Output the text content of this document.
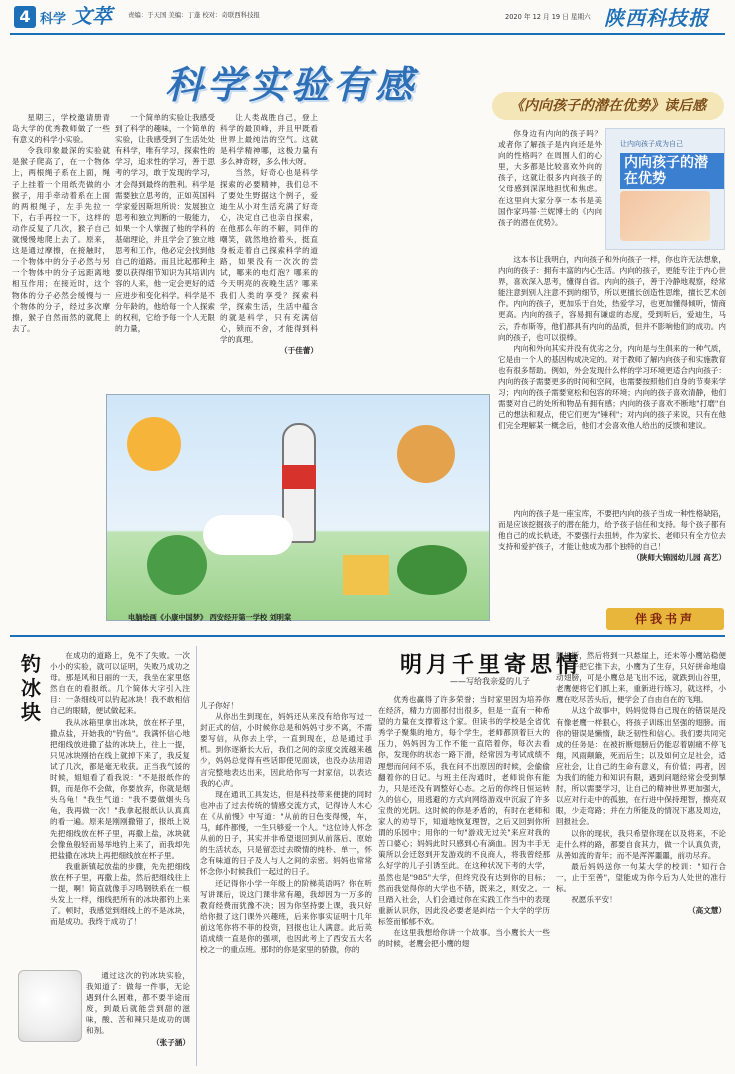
4 科学 文萃	责编：于天国 美编：丁蓬 校对：奇联西科技报	2020 年 12 月 19 日 星期六 陕西科技报
科学实验有感

星期三，学校邀请册青岛大学的优秀教师做了一些有意义的科学小实验。

令我印象最深的实验就是猴子爬高了，在一个物体上，两根绳子系在上面，绳子上挂着一个用纸壳做的小猴子，用手牵动着系在上面的两根绳子，左手先拉一下，右手再拉一下，这样的动作反复了几次，猴子自己就慢慢地爬上去了。原来，这是通过摩擦，在接触时，一个物体中的分子必然与另一个物体中的分子远距离地相互作用；在接近时，这个物体的分子必然会缓慢与一个物体的分子，经过多次摩擦，猴子自然而然的就爬上去了。

一个简单的实验让我感受到了科学的趣味，一个简单的实验，让我感受到了生活处处有科学，唯有学习，探索性的学习，追求性的学习，善于思考的学习，敢于发现的学习，才会得到最终的胜利。科学是需要独立思考的，正如英国科学家爱因斯坦所说：发展独立思考和独立判断的一般能力，如果一个人掌握了他的学科的基础理论，并且学会了独立地思考和工作，他必定会找到他自己的道路。而且比起那种主要以获得细节知识为其培训内容的人来，他一定会更好的适应进步和变化科学。科学是不分年龄的，他给每一个人探索的权利，它给予每一个人无限的力量，

让人类战胜自己，登上科学的最顶峰，并且甲既看世界上最纯洁的空气。这就是科学精神哪，这极力量有多么神奇呀，多么伟大呀。

当然，好奇心也是科学探索的必要精神，我们总不了要处生野据这个例子，爱迪生从小对生活充满了好奇心，决定自己也亲自探索，在他那么年的不解，同伴的嘲笑，就然地拾着头，挺直身板走着自己探索科学的道路，如果没有一次次的尝试，哪来的电灯泡？哪来的今天明亮的夜晚生活？哪来我们人类的享受？探索科学，探索生活，生活中蕴含的就是科学，只有充满信心，锁而不舍，才能得到科学的真理。

（于佳蕾）

《内向孩子的潜在优势》读后感
让内向孩子成为自己
内向孩子的潜在优势

你身边有内向的孩子吗？或者你了解孩子是内向还是外向的性格吗？在周围人们的心里，大多都是比较喜欢外向的孩子，这就让很多内向孩子的父母感到深深地担忧和焦虑。在这里向大家分享一本书是美国作家玛蒂·兰妮博士的《内向孩子的潜在优势》。

这本书让我明白，内向孩子和外向孩子一样，你也许无法想象，内向的孩子：拥有丰富的内心生活。内向的孩子，更能专注于内心世界，喜欢深入思考，懂得自省。内向的孩子，善于冷静地观察，经常能注意到别人注意不到的细节，所以更擅长创造性思维，擅长艺术创作。内向的孩子，更加乐于自处，热爱学习，也更加懂得倾听，情商更高。内向的孩子，容易拥有谦虚的态度，受到听后，爱迪生，马云，乔布斯等，他们都具有内向的品质，但并不影响他们的成功。内向的孩子，也可以很棒。

内向和外向其实并没有优劣之分，内向是与生俱来的一种气质，它是由一个人的基因构成决定的。对于教师了解内向孩子和实施教育也有很多帮助。例如，外会发现什么样的学习环境更适合内向孩子：内向的孩子需要更多的时间和空间，也需要按照他们自身的节奏来学习；内向的孩子需要宽松和包容的环境；内向的孩子喜欢清静，他们需要对自己的处所和物品有拥有感；内向的孩子喜欢不断地"打磨"自己的想法和观点，使它们更为"锤利"；对内向的孩子来说，只有在他们完全理解某一概念后，他们才会喜欢他人给出的反馈和建议。

内向的孩子是一座宝库，不要把内向的孩子当成一种性格缺陷，而是应该挖掘孩子的潜在能力，给予孩子信任和支持。每个孩子都有他自己的成长轨迹，不要强行去扭转，作为家长、老师只有全方位去支持和爱护孩子，才能让他成为那个独特的自己！

（陕师大锦园幼儿园 高艺）

伴我书声
电脑绘画《小康中国梦》 西安经开第一学校 刘明棠
钓冰块

在成功的道路上，免不了失败。一次小小的实验，就可以证明，失败乃成功之母。那是风和日丽的一天，我坐在家里悠然自在的看报纸。几个简体大字引入注目：一条细线可以钓起冰块！我不敢相信自己的眼睛，便试做起来。

我从冰箱里拿出冰块，放在杯子里，撒点盐，开始我的"钓鱼"。我满怀信心地把细线放进撒了盐的冰块上，往上一提，只见冰块刚抬在线上就掉下来了，我反复试了几次，都是毫无收获。正当我气馁的时候，姐姐看了看我说："不是报纸作的假，而是你不会做，你要放弃，你就是烟头乌龟！"我生气道："我不要做烟头乌龟，我再做一次！"我拿起报纸认认真真的看一遍。原来是刚刚撒错了，报纸上说先把细线放在杯子里，再撒上盐，冰块就会像鱼般轻而易举地钓上来了，而我却先把盐撒在冰块上再把细线放在杯子里。

我重新镇起放盐的步骤，先先把细线放在杯子里，再撒上盐，然后把细线往上一提，啊！简直就像手习鸣钢铁系在一根头发上一样，细线把所有的冰块都钓上来了。顿时，我感觉到细线上的不是冰块，而是成功。我终于成功了！

通过这次的钓冰块实验，我知道了：做每一件事，无论遇到什么困难，都不要半途而废，到最后就能尝到甜的滋味，酸、苦和辣只是成功的调和剂。

（张子涵）

明月千里寄思情
——写给我亲爱的儿子

儿子你好！

从你出生到现在，妈妈还从来没有给你写过一封正式的信，小时候你总是和妈妈寸步不离，不需要写信，从你去上学，一直到现在，总是通过手机。到你逐渐长大后，我们之间的亲度交流越来越少，妈妈总觉得有些话即使见面谈，也没办法用语言完整地表达出来，因此给你写一封家信，以表达我的心声。

现在通讯工具发达，但是科技带来便捷的同时也冲击了过去传统的情感交流方式，记得诗人木心在《从前慢》中写道："从前的日色变得慢，车，马，邮件都慢，一生只够爱一个人。"这位诗人怀念从前的日子，其实并非希望退回到从前落后、原始的生活状态，只是留恋过去睽情的纯朴、单一，怀念有味道的日子及人与人之间的亲密。妈妈也常常怀念你小时候我们一起过的日子。

还记得你小学一年级上的阶梯英语吗？你在听写讲课后，说这门课非常有趣，我却因为一万多的教育经费而犹豫不决；因为你坚持要上课，我只好给你报了这门课外兴趣班，后来你事实证明十几年前这笔你将不菲的投资，回报也让人满意。此后英语成绩一直是你的强项，也因此考上了西安五大名校之一的重点班。那时的你是家里的骄傲，你的

优秀也赢得了许多荣誉；当时家里因为培养你在经济，精力方面都付出很多，但是一直有一种希望的力量在支撑着这个家。但读书的学校是全省优秀学子聚集的地方，每个学生，老师都顶着巨大的压力，妈妈因为工作不能一直陪着你，每次去看你，发现你的状态一路下滑，经常因为考试成绩不理想而问问不乐，我在问不出原因的时候，会偷偷翻着你的日记。与班主任沟通时，老师说你有能力，只是还没有调整好心态。之后的你终日恒运转久的信心，用逃避的方式向网络游戏中沉寂了许多宝贵的光阴。这时候的你是矛盾的，有时在老师和家人的劝导下，知道地恢复理智，之后又回到你所谓的乐园中；用你的一句"游戏无过关"来应对我的苦口婆心；妈妈此时只感到心有滴血。因为丰手无策所以会迁怒到开发游戏的不良商人，将我曾经那么好学的儿子引诱至此。在这种状况下考的大学，虽然也是"985"大学，但终究没有达到你的目标；然而我觉得你的大学也不错，既来之，则安之。一旦踏入社会，人们会通过你在实践工作当中的表现重新认识你，因此没必要老是纠结一个大学的学历标签而郁郁不欢。

在这里我想给你讲一个故事。当小鹰长大一些的时候，老鹰会把小鹰的翅

膀折断，然后将到一只悬崖上，还未等小鹰站稳便一下子把它推下去，小鹰为了生存，只好拼命地扇动翅膀，可是小鹰总是飞出不远，就跌到山谷里，老鹰便将它们抓上来，重新进行练习，就这样，小鹰在吃尽苦头后，便学会了自由自在的飞翔。

从这个故事中，妈妈觉得自己现在的错误是没有像老鹰一样狠心，将孩子训练出坚强的翅膀。而你的错误是懒惰，缺乏韧性和信心。我们要共同完成的任务是：在被折断翅膀后仍能忍着剧痛不停飞翔，风雨颠簸，死而后生；以及如何立足社会，适应社会，让自己的生命有意义，有价值；再者，因为我们的能力和知识有限，遇到问题经常会受到掣肘，所以需要学习，让自己的精神世界更加强大，以应对行走中的孤独，在行进中保持理智，擦亮双眼，少走弯路；并在力所能及的情况下惠及周边，回报社会。

以你的现状，我只希望你现在以及将来，不论走什么样的路，都要自食其力，做一个认真负责，从善如流的青年；而不是浑浑噩噩，前功尽弃。

最后妈妈送你一句某大学的校训："知行合一，止于至善"，望能成为你今后为人处世的准行标。

祝愿乐平安！

（高文慧）
